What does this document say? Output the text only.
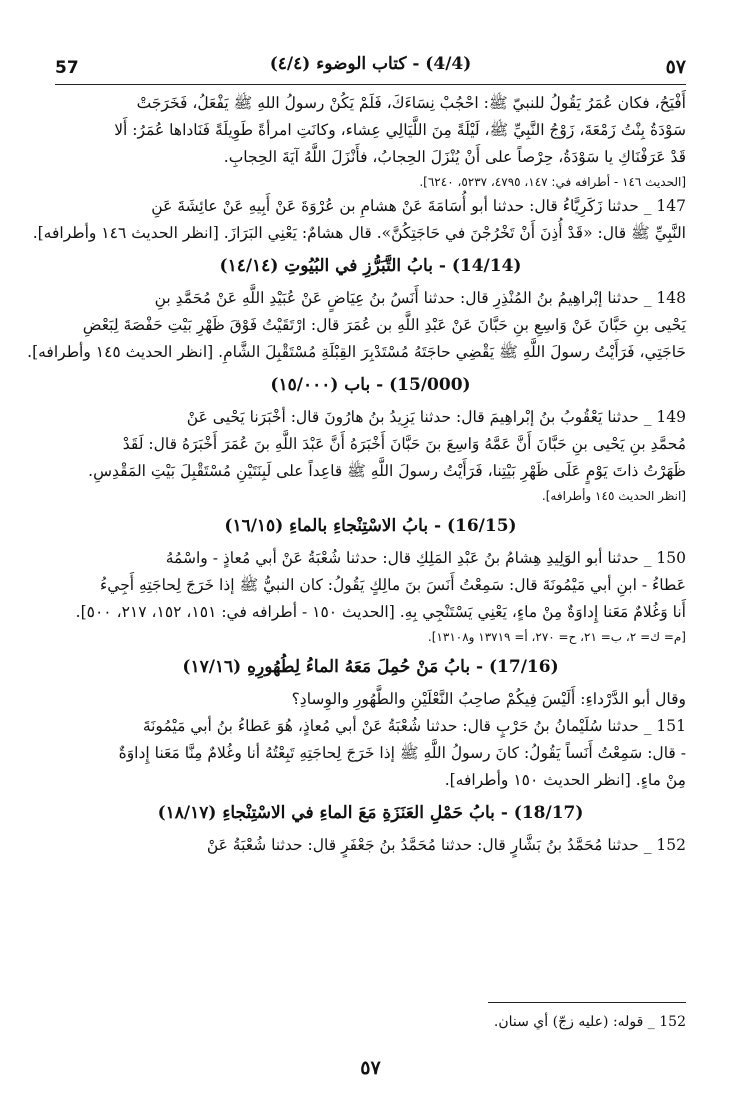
57	(4/4) - كتاب الوضوء (٤/٤)	٥٧

أَفْيَحُ، فكان عُمَرُ يَقُولُ للنبيّ ﷺ: احْجُبْ نِسَاءَكَ، فَلَمْ يَكُنْ رسولُ اللهِ ﷺ يَفْعَلُ، فَخَرَجَتْ

سَوْدَةُ بِنْتُ زَمْعَةَ، زَوْجُ النَّبِيِّ ﷺ، لَيْلَةً مِنَ اللَّيَالِي عِشاء، وكانَتِ امرأةً طَوِيلَةً فَنَاداها عُمَرُ: أَلا

قَدْ عَرَفْنَاكِ يا سَوْدَةُ، حِرْصاً على أَنْ يُنْزَلَ الحِجابُ، فأَنْزَلَ اللَّهُ آيَةَ الحِجابِ.

[الحديث ١٤٦ - أطرافه في: ١٤٧، ٤٧٩٥، ٥٢٣٧، ٦٢٤٠].

147 _ حدثنا زَكَرِيَّاءُ قال: حدثنا أبو أُسَامَةَ عَنْ هشامِ بن عُرْوَةَ عَنْ أَبِيهِ عَنْ عائِشَةَ عَنِ

النَّبِيِّ ﷺ قال: «قَدْ أُذِنَ أَنْ تَخْرُجْنَ في حَاجَتِكُنَّ». قال هشامٌ: يَعْنِي البَرَازَ. [انظر الحديث ١٤٦ وأطرافه].

(14/14) - بابُ التَّبَرُّزِ في البُيُوتِ (١٤/١٤)

148 _ حدثنا إبْراهِيمُ بنُ المُنْذِرِ قال: حدثنا أَنَسُ بنُ عِيَاضٍ عَنْ عُبَيْدِ اللَّهِ عَنْ مُحَمَّدِ بنِ

يَحْيى بنِ حَبَّانَ عَنْ وَاسِعِ بنِ حَبَّانَ عَنْ عَبْدِ اللَّهِ بن عُمَرَ قال: ارْتَقَيْتُ فَوْقَ ظَهْرِ بَيْتِ حَفْصَةَ لِبَعْضِ

حَاجَتِي، فَرَأَيْتُ رسولَ اللَّهِ ﷺ يَقْضِي حاجَتَهُ مُسْتَدْبِرَ القِبْلَةِ مُسْتَقْبِلَ الشَّامِ. [انظر الحديث ١٤٥ وأطرافه].

(15/000) - باب (١٥/٠٠٠)

149 _ حدثنا يَعْقُوبُ بنُ إبْراهِيمَ قال: حدثنا يَزِيدُ بنُ هارُونَ قال: أخْبَرَنا يَحْيى عَنْ

مُحمَّدِ بنِ يَحْيى بنِ حَبَّانَ أَنَّ عَمَّهُ وَاسِعَ بنَ حَبَّانَ أَخْبَرَهُ أَنَّ عَبْدَ اللَّهِ بنَ عُمَرَ أَخْبَرَهُ قال: لَقَدْ

ظَهَرْتُ ذاتَ يَوْمٍ عَلَى ظَهْرِ بَيْتِنا، فَرَأَيْتُ رسولَ اللَّهِ ﷺ قاعِداً على لَبِنَتَيْنِ مُسْتَقْبِلَ بَيْتِ المَقْدِسِ.

[انظر الحديث ١٤٥ وأطرافه].

(16/15) - بابُ الاسْتِنْجاءِ بالماءِ (١٦/١٥)

150 _ حدثنا أبو الوَلِيدِ هِشامُ بنُ عَبْدِ المَلِكِ قال: حدثنا شُعْبَةُ عَنْ أبي مُعاذٍ - واسْمُهُ

عَطاءُ - ابنِ أبي مَيْمُونَةَ قال: سَمِعْتُ أَنَسَ بنَ مالِكٍ يَقُولُ: كان النبيُّ ﷺ إذا خَرَجَ لِحاجَتِهِ أَجِيءُ

أَنا وَغُلامٌ مَعَنا إِداوَةٌ مِنْ ماءٍ، يَعْنِي يَسْتَنْجِي بِهِ. [الحديث ١٥٠ - أطرافه في: ١٥١، ١٥٢، ٢١٧، ٥٠٠].

[م= ك= ٢، ب= ٢١، ح= ٢٧٠، أ= ١٣٧١٩ و١٣١٠٨].

(17/16) - بابُ مَنْ حُمِلَ مَعَهُ الماءُ لِطُهُورِهِ (١٧/١٦)

وقال أبو الدَّرْداءِ: أَلَيْسَ فِيكُمْ صاحِبُ النَّعْلَيْنِ والطَّهُورِ والوِسادِ؟

151 _ حدثنا سُلَيْمانُ بنُ حَرْبٍ قال: حدثنا شُعْبَةُ عَنْ أبي مُعاذٍ، هُوَ عَطاءُ بنُ أبي مَيْمُونَةَ

- قال: سَمِعْتُ أَنَساً يَقُولُ: كانَ رسولُ اللَّهِ ﷺ إذا خَرَجَ لِحاجَتِهِ تَبِعْتُهُ أنا وغُلامٌ مِنَّا مَعَنا إِداوَةٌ

مِنْ ماءٍ. [انظر الحديث ١٥٠ وأطرافه].

(18/17) - بابُ حَمْلِ العَنَزَةِ مَعَ الماءِ في الاسْتِنْجاءِ (١٨/١٧)

152 _ حدثنا مُحَمَّدُ بنُ بَشَّارٍ قال: حدثنا مُحَمَّدُ بنُ جَعْفَرٍ قال: حدثنا شُعْبَةُ عَنْ

152 _ قوله: (عليه زجّ) أي سنان.
٥٧
